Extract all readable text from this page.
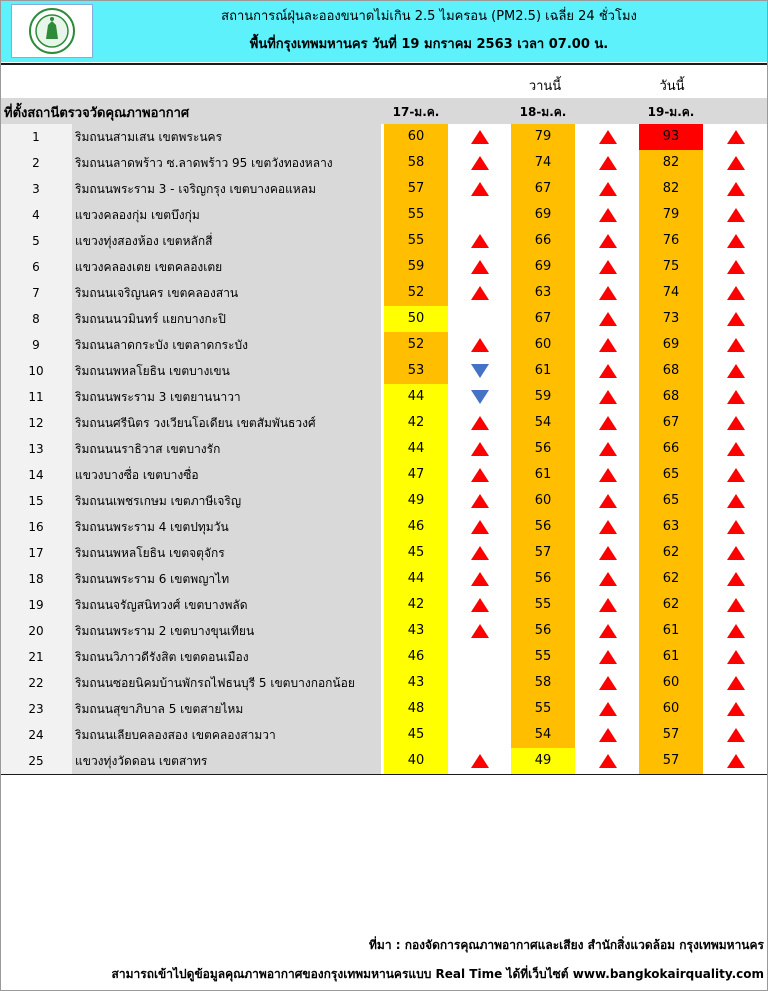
สถานการณ์ฝุ่นละอองขนาดไม่เกิน 2.5 ไมครอน (PM2.5) เฉลี่ย 24 ชั่วโมง
พื้นที่กรุงเทพมหานคร วันที่ 19 มกราคม 2563 เวลา 07.00 น.
วานนี้	วันนี้
ที่ตั้งสถานีตรวจวัดคุณภาพอากาศ	17-ม.ค.	18-ม.ค.	19-ม.ค.
1	ริมถนนสามเสน เขตพระนคร	60	79	93
2	ริมถนนลาดพร้าว ซ.ลาดพร้าว 95 เขตวังทองหลาง	58	74	82
3	ริมถนนพระราม 3 - เจริญกรุง เขตบางคอแหลม	57	67	82
4	แขวงคลองกุ่ม เขตบึงกุ่ม	55	69	79
5	แขวงทุ่งสองห้อง เขตหลักสี่	55	66	76
6	แขวงคลองเตย เขตคลองเตย	59	69	75
7	ริมถนนเจริญนคร เขตคลองสาน	52	63	74
8	ริมถนนนวมินทร์ แยกบางกะปิ	50	67	73
9	ริมถนนลาดกระบัง เขตลาดกระบัง	52	60	69
10	ริมถนนพหลโยธิน เขตบางเขน	53	61	68
11	ริมถนนพระราม 3 เขตยานนาวา	44	59	68
12	ริมถนนศรีนิตร วงเวียนโอเดียน เขตสัมพันธวงศ์	42	54	67
13	ริมถนนนราธิวาส เขตบางรัก	44	56	66
14	แขวงบางซื่อ เขตบางซื่อ	47	61	65
15	ริมถนนเพชรเกษม เขตภาษีเจริญ	49	60	65
16	ริมถนนพระราม 4 เขตปทุมวัน	46	56	63
17	ริมถนนพหลโยธิน เขตจตุจักร	45	57	62
18	ริมถนนพระราม 6 เขตพญาไท	44	56	62
19	ริมถนนจรัญสนิทวงศ์ เขตบางพลัด	42	55	62
20	ริมถนนพระราม 2 เขตบางขุนเทียน	43	56	61
21	ริมถนนวิภาวดีรังสิต เขตดอนเมือง	46	55	61
22	ริมถนนซอยนิคมบ้านพักรถไฟธนบุรี 5 เขตบางกอกน้อย	43	58	60
23	ริมถนนสุขาภิบาล 5 เขตสายไหม	48	55	60
24	ริมถนนเลียบคลองสอง เขตคลองสามวา	45	54	57
25	แขวงทุ่งวัดดอน เขตสาทร	40	49	57
ที่มา : กองจัดการคุณภาพอากาศและเสียง สำนักสิ่งแวดล้อม กรุงเทพมหานคร
สามารถเข้าไปดูข้อมูลคุณภาพอากาศของกรุงเทพมหานครแบบ Real Time ได้ที่เว็บไซต์ www.bangkokairquality.com
